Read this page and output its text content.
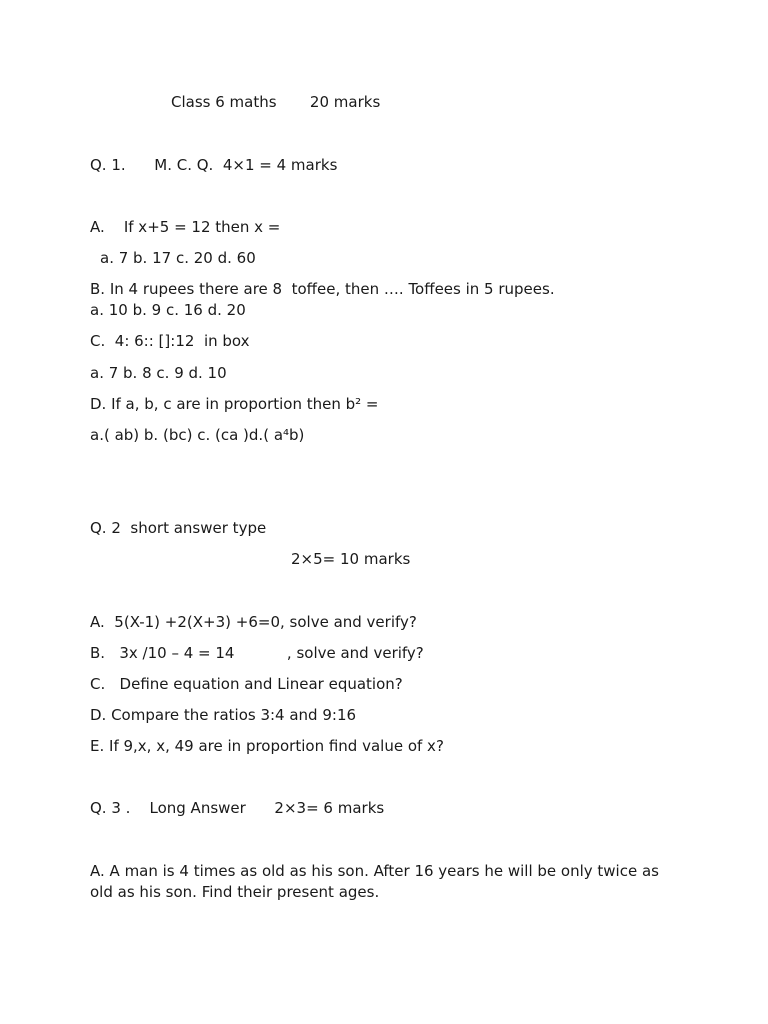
Class 6 maths       20 marks

Q. 1.      M. C. Q.  4×1 = 4 marks

A.    If x+5 = 12 then x =

a. 7 b. 17 c. 20 d. 60

B. In 4 rupees there are 8  toffee, then …. Toffees in 5 rupees.

a. 10 b. 9 c. 16 d. 20

C.  4: 6:: []:12  in box

a. 7 b. 8 c. 9 d. 10

D. If a, b, c are in proportion then b² =

a.( ab) b. (bc) c. (ca )d.( a⁴b)

Q. 2  short answer type

2×5= 10 marks

A.  5(X-1) +2(X+3) +6=0, solve and verify?

B.   3x /10 – 4 = 14           , solve and verify?

C.   Define equation and Linear equation?

D. Compare the ratios 3:4 and 9:16

E. If 9,x, x, 49 are in proportion find value of x?

Q. 3 .    Long Answer      2×3= 6 marks

A. A man is 4 times as old as his son. After 16 years he will be only twice as old as his son. Find their present ages.
